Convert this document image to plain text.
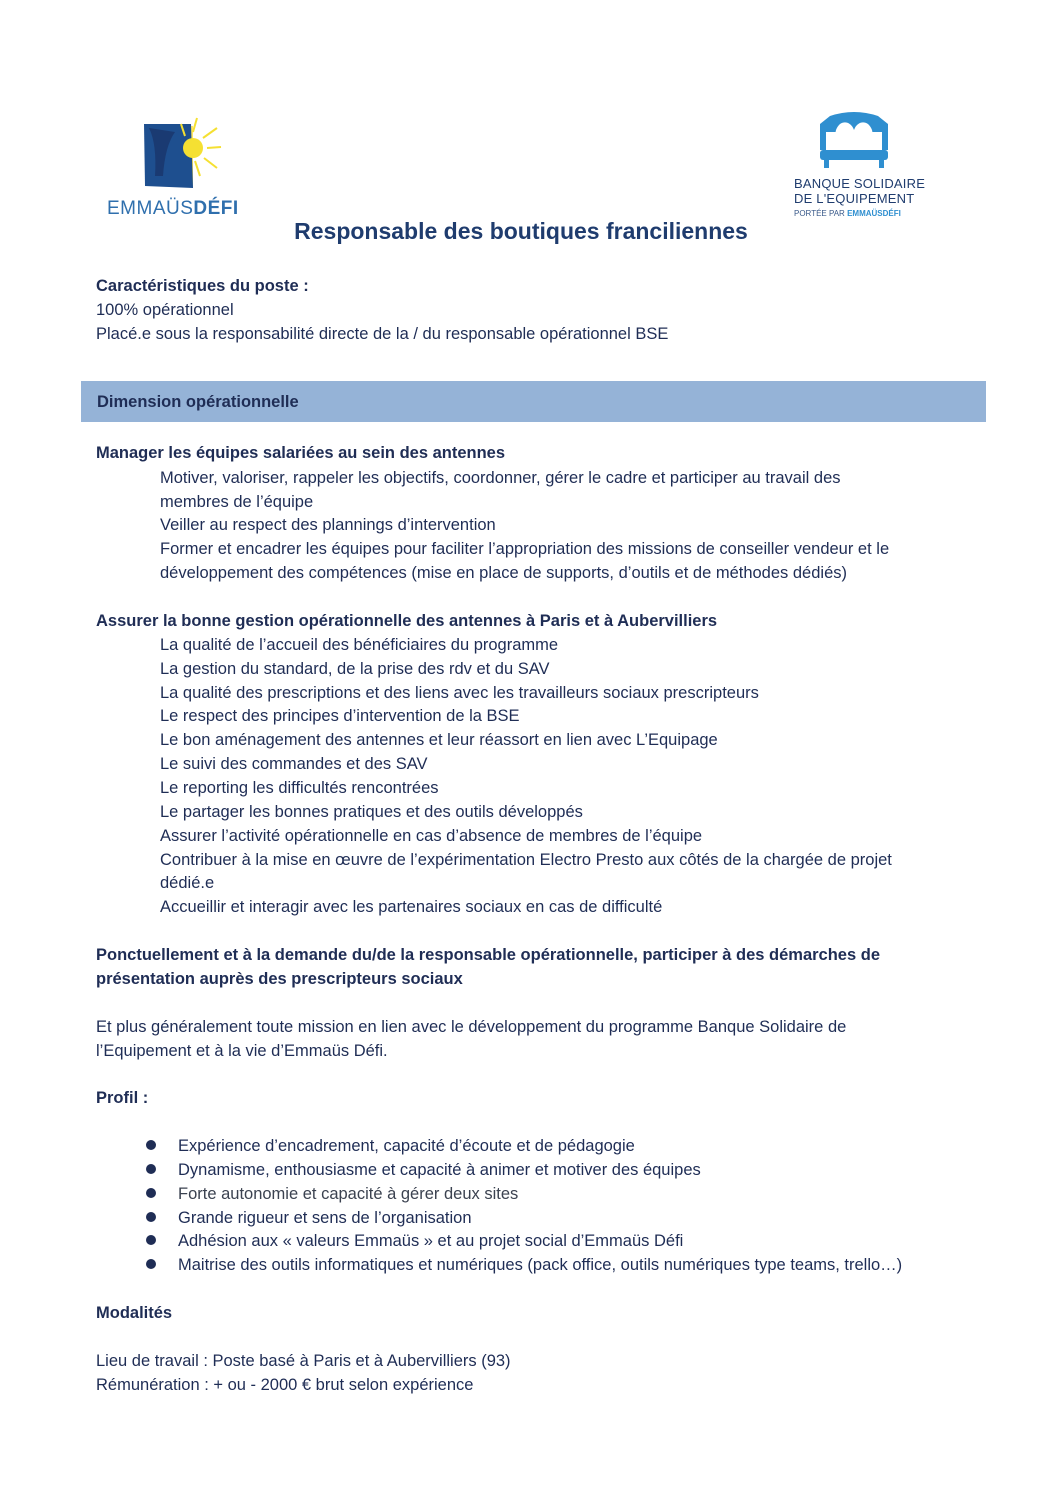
EMMAÜSDÉFI
BANQUE SOLIDAIRE
DE L'EQUIPEMENT
PORTÉE PAR EMMAÜSDÉFI
Responsable des boutiques franciliennes
Caractéristiques du poste :
100% opérationnel
Placé.e sous la responsabilité directe de la / du responsable opérationnel BSE
Dimension opérationnelle
Manager les équipes salariées au sein des antennes
Motiver, valoriser, rappeler les objectifs, coordonner, gérer le cadre et participer au travail des
membres de l’équipe
Veiller au respect des plannings d’intervention
Former et encadrer les équipes pour faciliter l’appropriation des missions de conseiller vendeur et le
développement des compétences (mise en place de supports, d’outils et de méthodes dédiés)
Assurer la bonne gestion opérationnelle des antennes à Paris et à Aubervilliers
La qualité de l’accueil des bénéficiaires du programme
La gestion du standard, de la prise des rdv et du SAV
La qualité des prescriptions et des liens avec les travailleurs sociaux prescripteurs
Le respect des principes d’intervention de la BSE
Le bon aménagement des antennes et leur réassort en lien avec L’Equipage
Le suivi des commandes et des SAV
Le reporting les difficultés rencontrées
Le partager les bonnes pratiques et des outils développés
Assurer l’activité opérationnelle en cas d’absence de membres de l’équipe
Contribuer à la mise en œuvre de l’expérimentation Electro Presto aux côtés de la chargée de projet
dédié.e
Accueillir et interagir avec les partenaires sociaux en cas de difficulté
Ponctuellement et à la demande du/de la responsable opérationnelle, participer à des démarches de
présentation auprès des prescripteurs sociaux
Et plus généralement toute mission en lien avec le développement du programme Banque Solidaire de
l’Equipement et à la vie d’Emmaüs Défi.
Profil :
Expérience d’encadrement, capacité d’écoute et de pédagogie
Dynamisme, enthousiasme et capacité à animer et motiver des équipes
Forte autonomie et capacité à gérer deux sites
Grande rigueur et sens de l’organisation
Adhésion aux « valeurs Emmaüs » et au projet social d’Emmaüs Défi
Maitrise des outils informatiques et numériques (pack office, outils numériques type teams, trello…)
Modalités
Lieu de travail : Poste basé à Paris et à Aubervilliers (93)
Rémunération : + ou - 2000 € brut selon expérience
